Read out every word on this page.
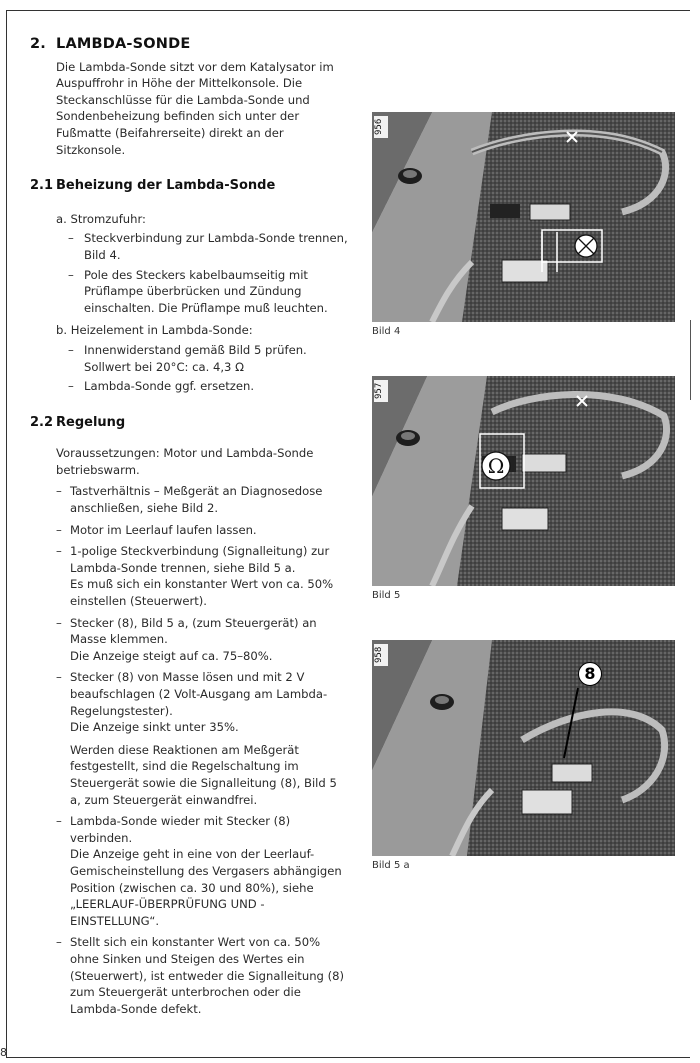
8
2. LAMBDA-SONDE

Die Lambda-Sonde sitzt vor dem Katalysator im Auspuffrohr in Höhe der Mittelkonsole. Die Steckanschlüsse für die Lambda-Sonde und Sondenbeheizung befinden sich unter der Fußmatte (Beifahrerseite) direkt an der Sitzkonsole.

2.1 Beheizung der Lambda-Sonde
a. Stromzufuhr:
– Steckverbindung zur Lambda-Sonde trennen, Bild 4.
– Pole des Steckers kabelbaumseitig mit Prüflampe überbrücken und Zündung einschalten. Die Prüflampe muß leuchten.
b. Heizelement in Lambda-Sonde:
– Innenwiderstand gemäß Bild 5 prüfen. Sollwert bei 20°C: ca. 4,3 Ω
– Lambda-Sonde ggf. ersetzen.
2.2 Regelung
Voraussetzungen: Motor und Lambda-Sonde betriebswarm.
– Tastverhältnis – Meßgerät an Diagnosedose anschließen, siehe Bild 2.
– Motor im Leerlauf laufen lassen.
– 1-polige Steckverbindung (Signalleitung) zur Lambda-Sonde trennen, siehe Bild 5 a.
Es muß sich ein konstanter Wert von ca. 50% einstellen (Steuerwert).
– Stecker (8), Bild 5 a, (zum Steuergerät) an Masse klemmen.
Die Anzeige steigt auf ca. 75–80%.
– Stecker (8) von Masse lösen und mit 2 V beaufschlagen (2 Volt-Ausgang am Lambda-Regelungstester).
Die Anzeige sinkt unter 35%.
Werden diese Reaktionen am Meßgerät festgestellt, sind die Regelschaltung im Steuergerät sowie die Signalleitung (8), Bild 5 a, zum Steuergerät einwandfrei.
– Lambda-Sonde wieder mit Stecker (8) verbinden.
Die Anzeige geht in eine von der Leerlauf-Gemischeinstellung des Vergasers abhängigen Position (zwischen ca. 30 und 80%), siehe „LEERLAUF-ÜBERPRÜFUNG UND -EINSTELLUNG“.
– Stellt sich ein konstanter Wert von ca. 50% ohne Sinken und Steigen des Wertes ein (Steuerwert), ist entweder die Signalleitung (8) zum Steuergerät unterbrochen oder die Lambda-Sonde defekt.
956
Bild 4
Ω
957
Bild 5
958
8
Bild 5 a
